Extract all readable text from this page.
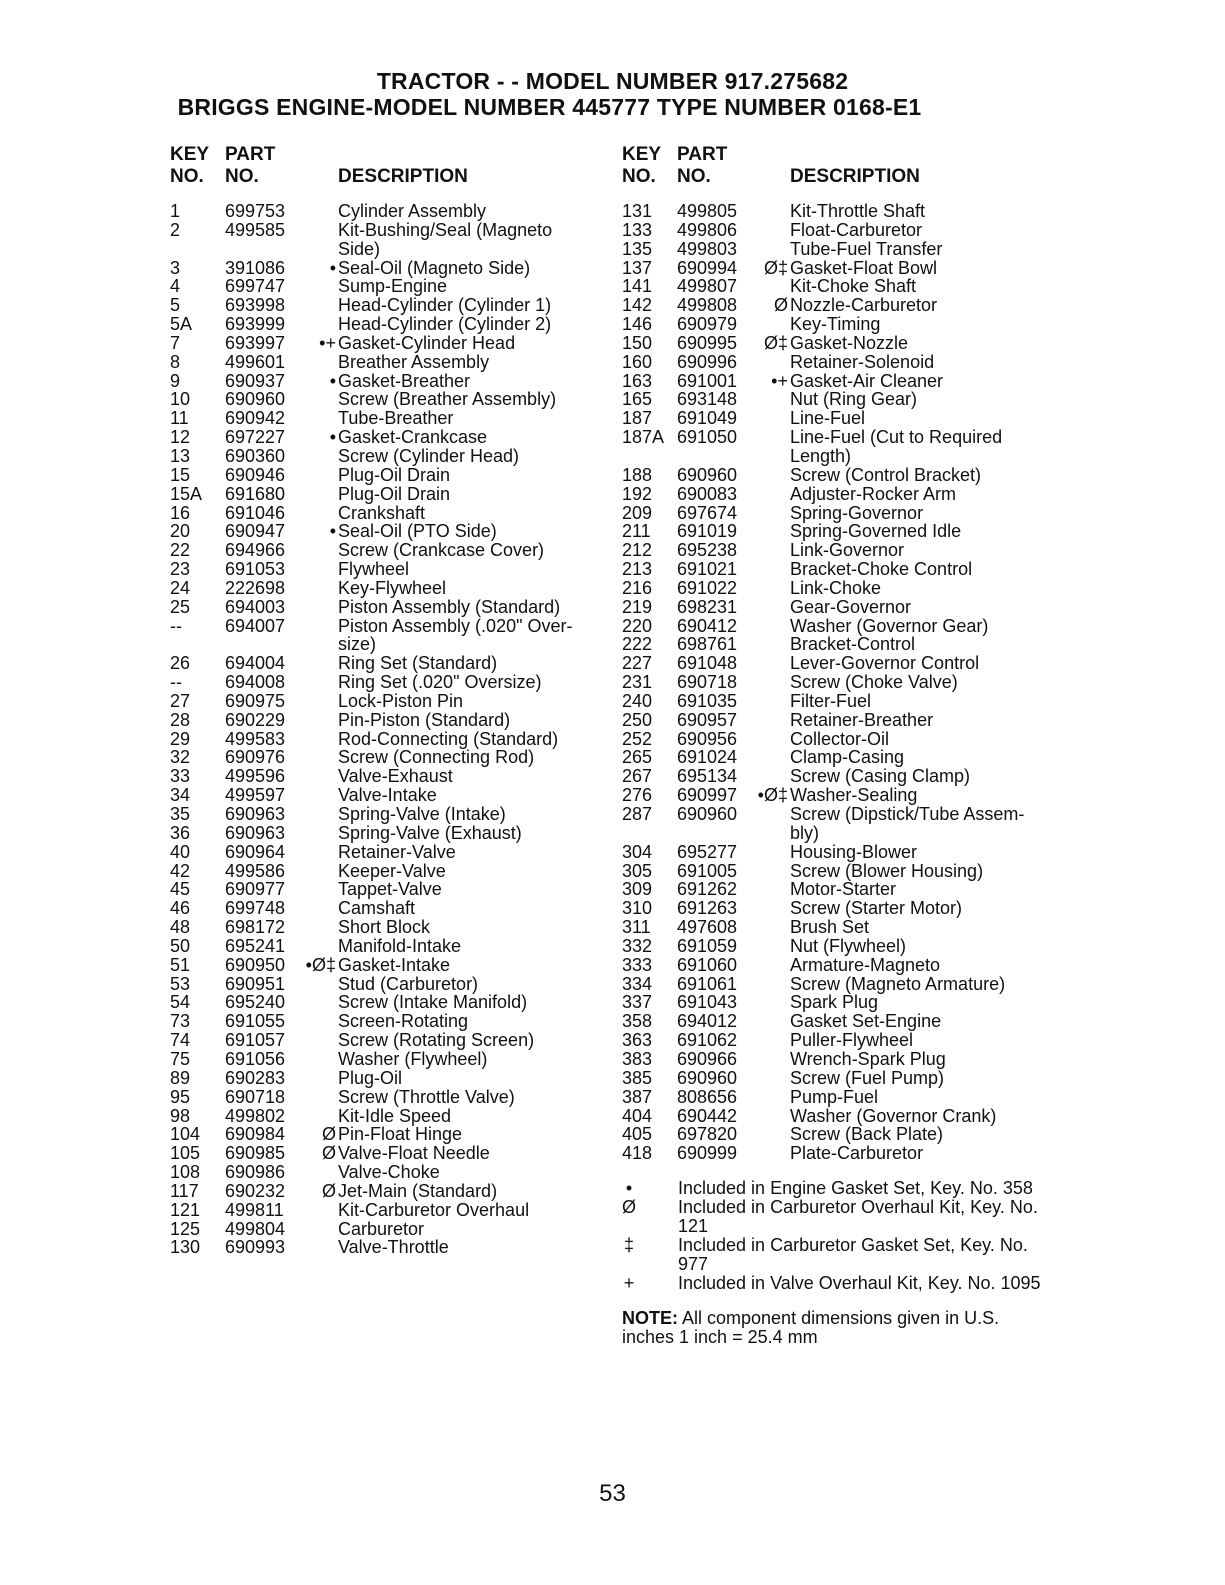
TRACTOR - - MODEL NUMBER 917.275682
BRIGGS ENGINE-MODEL NUMBER 445777 TYPE NUMBER 0168-E1
KEY
NO.
PART
NO.	DESCRIPTION
1 699753	Cylinder Assembly
2 499585	Kit-Bushing/Seal (Magneto
Side)
3 391086	• Seal-Oil (Magneto Side)
4 699747	Sump-Engine
5 693998	Head-Cylinder (Cylinder 1)
5A 693999	Head-Cylinder (Cylinder 2)
7 693997	•+ Gasket-Cylinder Head
8 499601	Breather Assembly
9 690937	• Gasket-Breather
10 690960	Screw (Breather Assembly)
11 690942	Tube-Breather
12 697227	• Gasket-Crankcase
13 690360	Screw (Cylinder Head)
15 690946	Plug-Oil Drain
15A 691680	Plug-Oil Drain
16 691046	Crankshaft
20 690947	• Seal-Oil (PTO Side)
22 694966	Screw (Crankcase Cover)
23 691053	Flywheel
24 222698	Key-Flywheel
25 694003	Piston Assembly (Standard)
-- 694007	Piston Assembly (.020" Over-
size)
26 694004	Ring Set (Standard)
-- 694008	Ring Set (.020" Oversize)
27 690975	Lock-Piston Pin
28 690229	Pin-Piston (Standard)
29 499583	Rod-Connecting (Standard)
32 690976	Screw (Connecting Rod)
33 499596	Valve-Exhaust
34 499597	Valve-Intake
35 690963	Spring-Valve (Intake)
36 690963	Spring-Valve (Exhaust)
40 690964	Retainer-Valve
42 499586	Keeper-Valve
45 690977	Tappet-Valve
46 699748	Camshaft
48 698172	Short Block
50 695241	Manifold-Intake
51 690950	•Ø‡ Gasket-Intake
53 690951	Stud (Carburetor)
54 695240	Screw (Intake Manifold)
73 691055	Screen-Rotating
74 691057	Screw (Rotating Screen)
75 691056	Washer (Flywheel)
89 690283	Plug-Oil
95 690718	Screw (Throttle Valve)
98 499802	Kit-Idle Speed
104 690984	Ø Pin-Float Hinge
105 690985	Ø Valve-Float Needle
108 690986	Valve-Choke
117 690232	Ø Jet-Main (Standard)
121 499811	Kit-Carburetor Overhaul
125 499804	Carburetor
130 690993	Valve-Throttle
KEY
NO.
PART
NO.	DESCRIPTION
131 499805	Kit-Throttle Shaft
133 499806	Float-Carburetor
135 499803	Tube-Fuel Transfer
137 690994	Ø‡ Gasket-Float Bowl
141 499807	Kit-Choke Shaft
142 499808	Ø Nozzle-Carburetor
146 690979	Key-Timing
150 690995	Ø‡ Gasket-Nozzle
160 690996	Retainer-Solenoid
163 691001	•+ Gasket-Air Cleaner
165 693148	Nut (Ring Gear)
187 691049	Line-Fuel
187A 691050	Line-Fuel (Cut to Required
Length)
188 690960	Screw (Control Bracket)
192 690083	Adjuster-Rocker Arm
209 697674	Spring-Governor
211 691019	Spring-Governed Idle
212 695238	Link-Governor
213 691021	Bracket-Choke Control
216 691022	Link-Choke
219 698231	Gear-Governor
220 690412	Washer (Governor Gear)
222 698761	Bracket-Control
227 691048	Lever-Governor Control
231 690718	Screw (Choke Valve)
240 691035	Filter-Fuel
250 690957	Retainer-Breather
252 690956	Collector-Oil
265 691024	Clamp-Casing
267 695134	Screw (Casing Clamp)
276 690997	•Ø‡ Washer-Sealing
287 690960	Screw (Dipstick/Tube Assem-
bly)
304 695277	Housing-Blower
305 691005	Screw (Blower Housing)
309 691262	Motor-Starter
310 691263	Screw (Starter Motor)
311 497608	Brush Set
332 691059	Nut (Flywheel)
333 691060	Armature-Magneto
334 691061	Screw (Magneto Armature)
337 691043	Spark Plug
358 694012	Gasket Set-Engine
363 691062	Puller-Flywheel
383 690966	Wrench-Spark Plug
385 690960	Screw (Fuel Pump)
387 808656	Pump-Fuel
404 690442	Washer (Governor Crank)
405 697820	Screw (Back Plate)
418 690999	Plate-Carburetor
•	Included in Engine Gasket Set, Key. No. 358
Ø Included in Carburetor Overhaul Kit, Key. No. 121
‡ Included in Carburetor Gasket Set, Key. No. 977
+ Included in Valve Overhaul Kit, Key. No. 1095
NOTE: All component dimensions given in U.S. inches 1 inch = 25.4 mm
53
